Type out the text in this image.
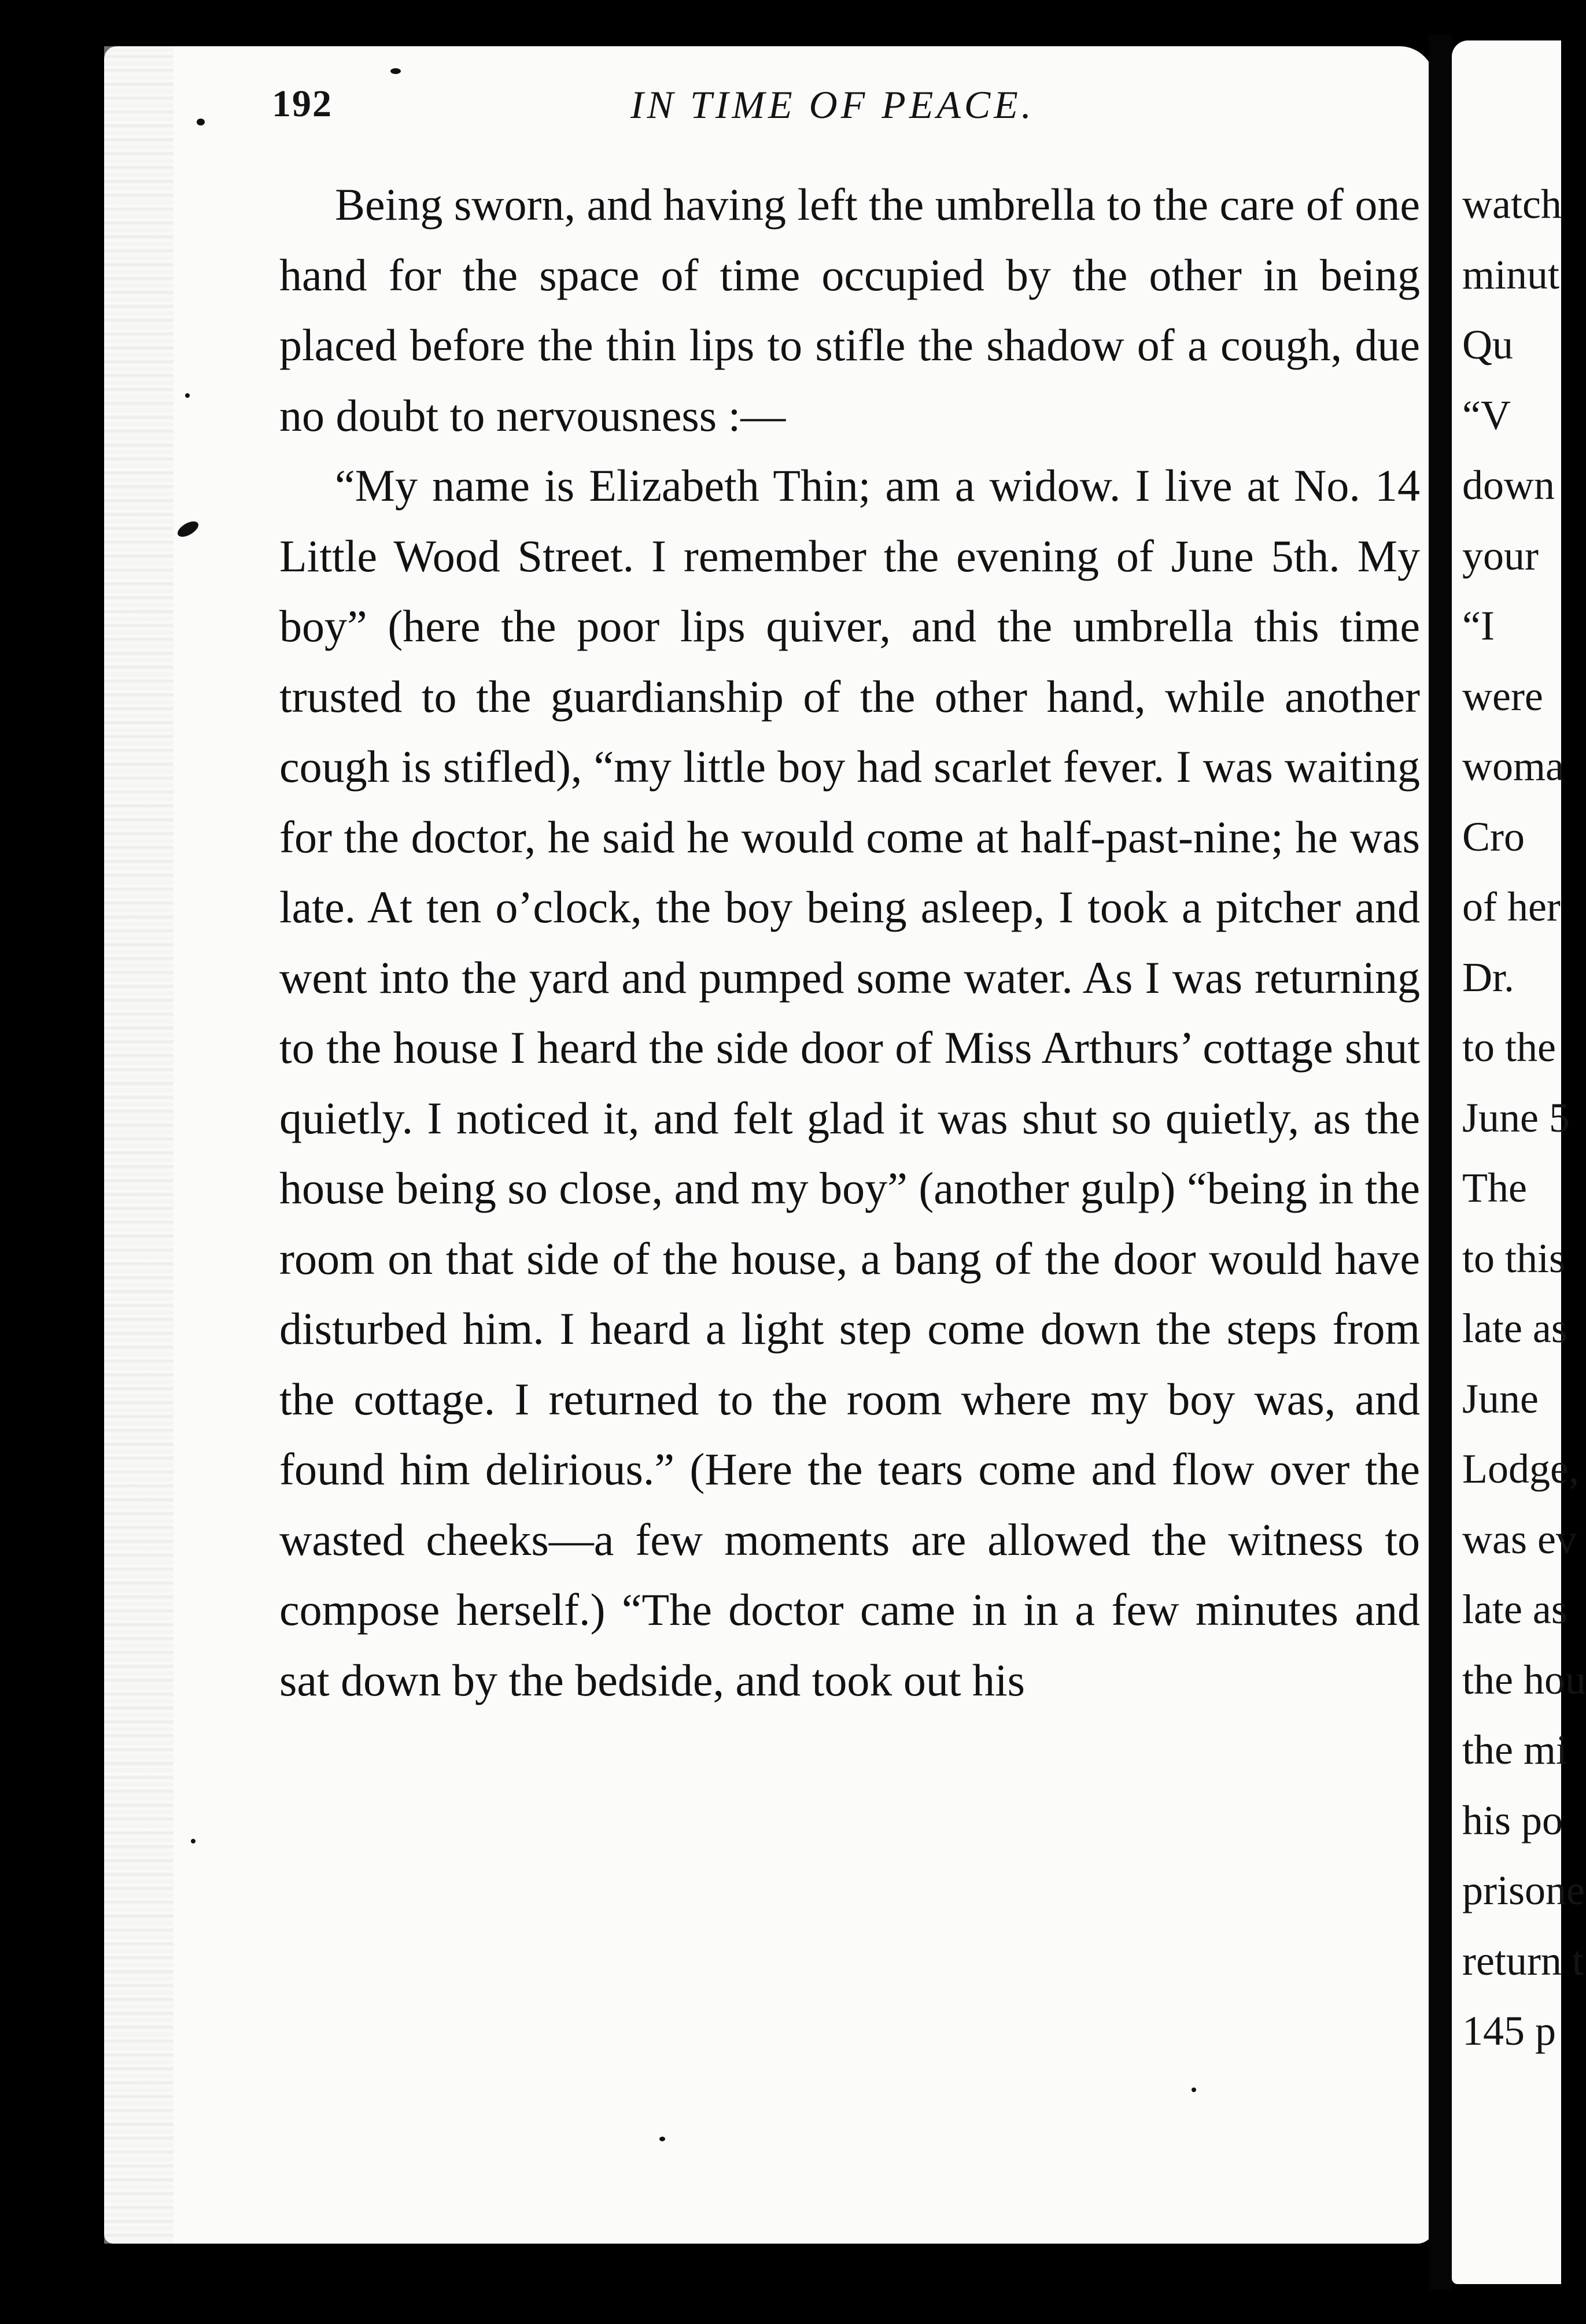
192	IN TIME OF PEACE.

Being sworn, and having left the umbrella to the care of one hand for the space of time occupied by the other in being placed before the thin lips to stifle the shadow of a cough, due no doubt to nervousness :—

“My name is Elizabeth Thin; am a widow. I live at No. 14 Little Wood Street. I remember the evening of June 5th. My boy” (here the poor lips quiver, and the umbrella this time trusted to the guardianship of the other hand, while another cough is stifled), “my little boy had scarlet fever. I was waiting for the doctor, he said he would come at half-past-nine; he was late. At ten o’clock, the boy being asleep, I took a pitcher and went into the yard and pumped some water. As I was returning to the house I heard the side door of Miss Arthurs’ cottage shut quietly. I noticed it, and felt glad it was shut so quietly, as the house being so close, and my boy” (another gulp) “being in the room on that side of the house, a bang of the door would have disturbed him. I heard a light step come down the steps from the cottage. I returned to the room where my boy was, and found him delirious.” (Here the tears come and flow over the wasted cheeks—a few moments are allowed the witness to compose herself.) “The doctor came in in a few minutes and sat down by the bedside, and took out his

watch
minut
Qu
“V
down
your
“I
were
woma
Cro
of her
Dr.
to the
June 5
The
to this
late as
June
Lodge,
was ev
late as
the hou
the mi
his po
prisone
return t
145 p
